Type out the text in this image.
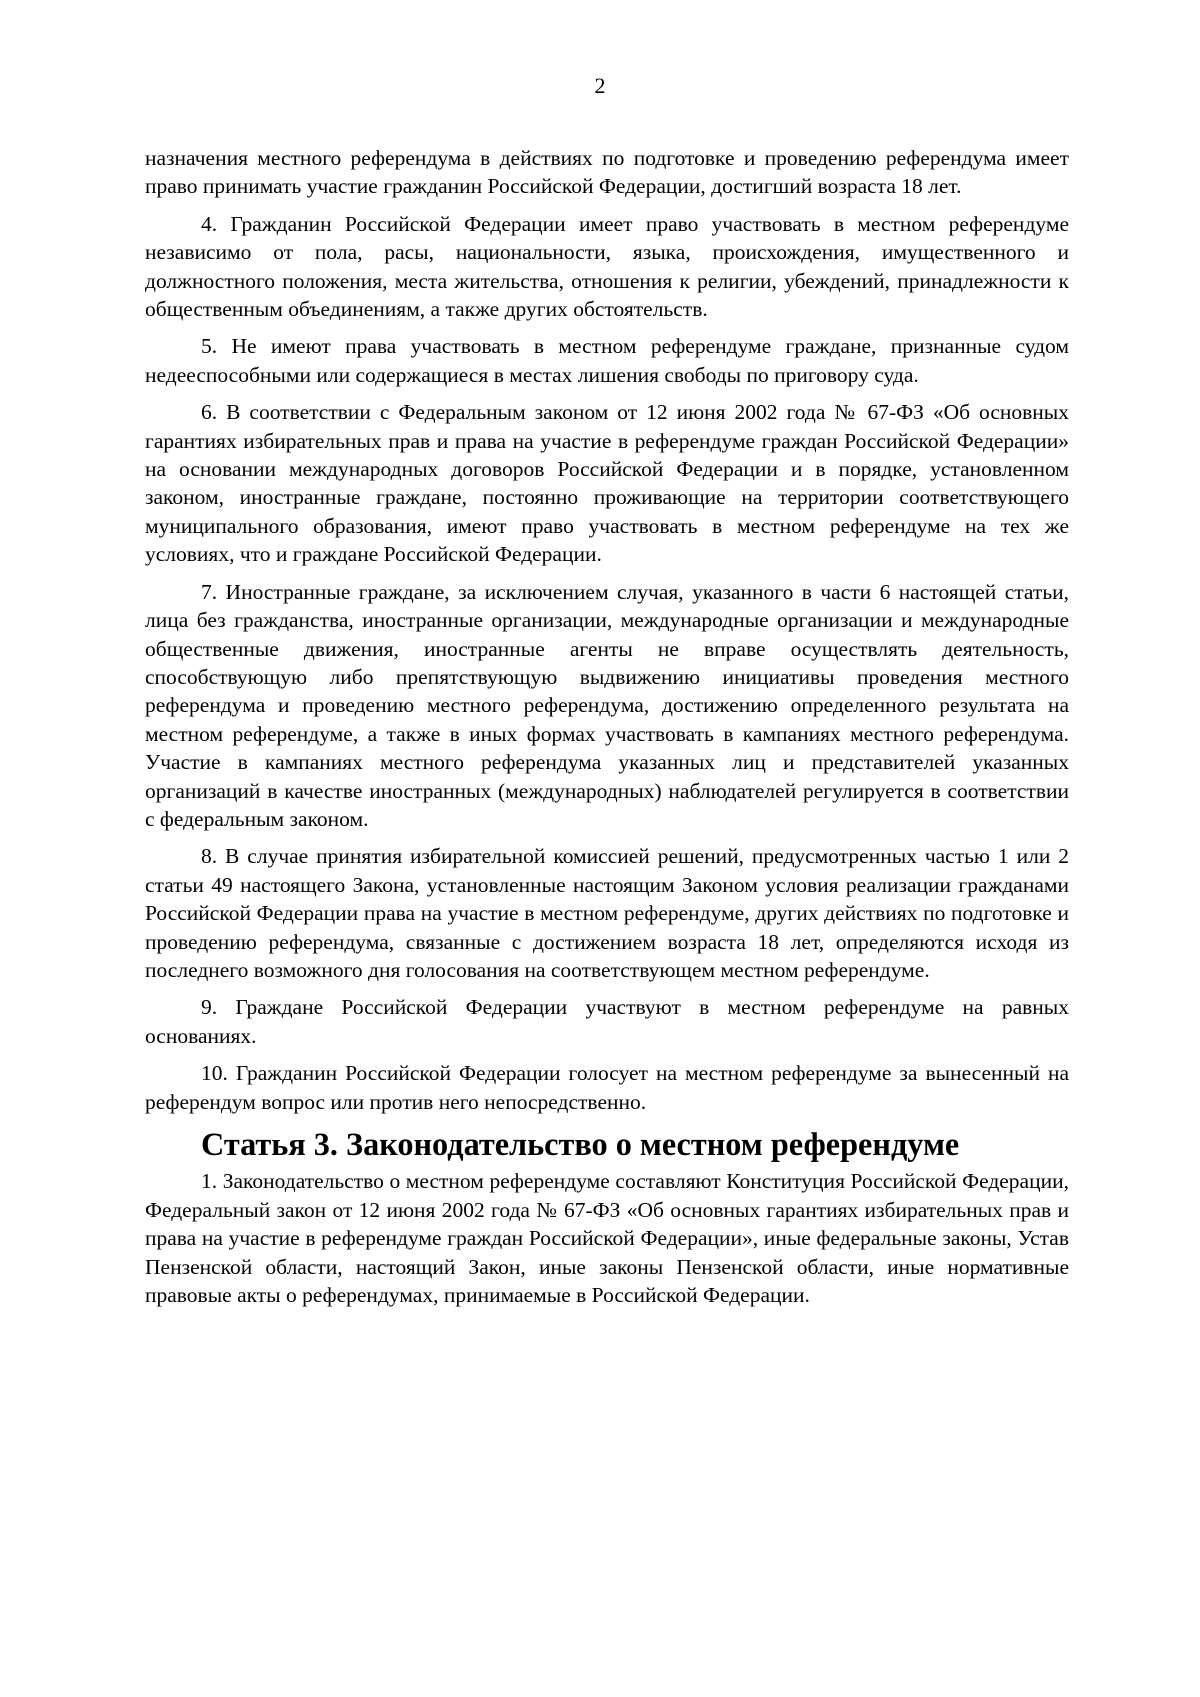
2

назначения местного референдума в действиях по подготовке и проведению референдума имеет право принимать участие гражданин Российской Федерации, достигший возраста 18 лет.

4. Гражданин Российской Федерации имеет право участвовать в местном референдуме независимо от пола, расы, национальности, языка, происхождения, имущественного и должностного положения, места жительства, отношения к религии, убеждений, принадлежности к общественным объединениям, а также других обстоятельств.

5. Не имеют права участвовать в местном референдуме граждане, признанные судом недееспособными или содержащиеся в местах лишения свободы по приговору суда.

6. В соответствии с Федеральным законом от 12 июня 2002 года № 67-ФЗ «Об основных гарантиях избирательных прав и права на участие в референдуме граждан Российской Федерации» на основании международных договоров Российской Федерации и в порядке, установленном законом, иностранные граждане, постоянно проживающие на территории соответствующего муниципального образования, имеют право участвовать в местном референдуме на тех же условиях, что и граждане Российской Федерации.

7. Иностранные граждане, за исключением случая, указанного в части 6 настоящей статьи, лица без гражданства, иностранные организации, международные организации и международные общественные движения, иностранные агенты не вправе осуществлять деятельность, способствующую либо препятствующую выдвижению инициативы проведения местного референдума и проведению местного референдума, достижению определенного результата на местном референдуме, а также в иных формах участвовать в кампаниях местного референдума. Участие в кампаниях местного референдума указанных лиц и представителей указанных организаций в качестве иностранных (международных) наблюдателей регулируется в соответствии с федеральным законом.

8. В случае принятия избирательной комиссией решений, предусмотренных частью 1 или 2 статьи 49 настоящего Закона, установленные настоящим Законом условия реализации гражданами Российской Федерации права на участие в местном референдуме, других действиях по подготовке и проведению референдума, связанные с достижением возраста 18 лет, определяются исходя из последнего возможного дня голосования на соответствующем местном референдуме.

9. Граждане Российской Федерации участвуют в местном референдуме на равных основаниях.

10. Гражданин Российской Федерации голосует на местном референдуме за вынесенный на референдум вопрос или против него непосредственно.

Статья 3. Законодательство о местном референдуме

1. Законодательство о местном референдуме составляют Конституция Российской Федерации, Федеральный закон от 12 июня 2002 года № 67-ФЗ «Об основных гарантиях избирательных прав и права на участие в референдуме граждан Российской Федерации», иные федеральные законы, Устав Пензенской области, настоящий Закон, иные законы Пензенской области, иные нормативные правовые акты о референдумах, принимаемые в Российской Федерации.
